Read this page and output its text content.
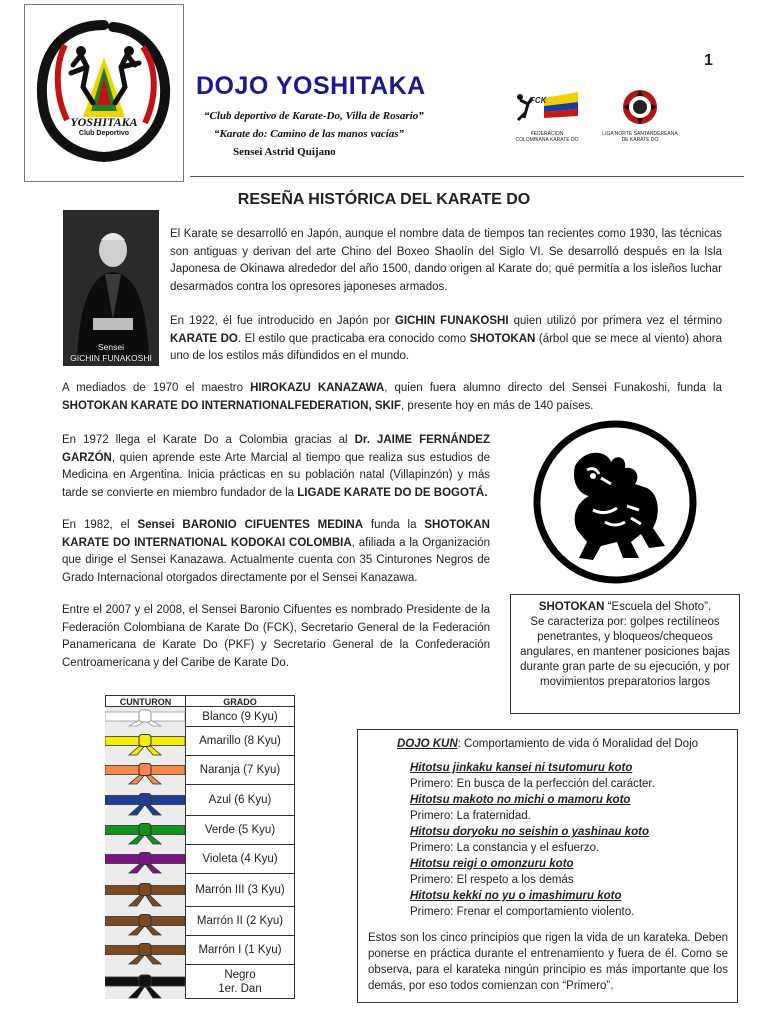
YOSHITAKA
Club Deportivo
DOJO YOSHITAKA
“Club deportivo de Karate-Do, Villa de Rosario”
“Karate do: Camino de las manos vacías”
Sensei Astrid Quijano
1
FCK
FEDERACION COLOMBIANA KARATE DO
LIGA NORTE SANTANDEREANA DE KARATE DO
RESEÑA HISTÓRICA DEL KARATE DO
Sensei
GICHIN FUNAKOSHI
El Karate se desarrolló en Japón, aunque el nombre data de tiempos tan recientes como 1930, las técnicas son antiguas y derivan del arte Chino del Boxeo Shaolín del Siglo VI. Se desarrolló después en la Isla Japonesa de Okinawa alrededor del año 1500, dando origen al Karate do; qué permitía a los isleños luchar desarmados contra los opresores japoneses armados.
En 1922, él fue introducido en Japón por GICHIN FUNAKOSHI quien utilizó por primera vez el término KARATE DO. El estilo que practicaba era conocido como SHOTOKAN (árbol que se mece al viento) ahora uno de los estilos más difundidos en el mundo.
A mediados de 1970 el maestro HIROKAZU KANAZAWA, quien fuera alumno directo del Sensei Funakoshi, funda la SHOTOKAN KARATE DO INTERNATIONALFEDERATION, SKIF, presente hoy en más de 140 países.
En 1972 llega el Karate Do a Colombia gracias al Dr. JAIME FERNÁNDEZ GARZÓN, quien aprende este Arte Marcial al tiempo que realiza sus estudios de Medicina en Argentina. Inicia prácticas en su población natal (Villapinzón) y más tarde se convierte en miembro fundador de la LIGADE KARATE DO DE BOGOTÁ.
En 1982, el Sensei BARONIO CIFUENTES MEDINA funda la SHOTOKAN KARATE DO INTERNATIONAL KODOKAI COLOMBIA, afiliada a la Organización que dirige el Sensei Kanazawa. Actualmente cuenta con 35 Cinturones Negros de Grado Internacional otorgados directamente por el Sensei Kanazawa.
Entre el 2007 y el 2008, el Sensei Baronio Cifuentes es nombrado Presidente de la Federación Colombiana de Karate Do (FCK), Secretario General de la Federación Panamericana de Karate Do (PKF) y Secretario General de la Confederación Centroamericana y del Caribe de Karate Do.
SHOTOKAN “Escuela del Shoto”.
Se caracteriza por: golpes rectilíneos penetrantes, y bloqueos/chequeos angulares, en mantener posiciones bajas durante gran parte de su ejecución, y por movimientos preparatorios largos
CUNTURON	GRADO
Blanco (9 Kyu)
Amarillo (8 Kyu)
Naranja (7 Kyu)
Azul (6 Kyu)
Verde (5 Kyu)
Violeta (4 Kyu)
Marrón III (3 Kyu)
Marrón II (2 Kyu)
Marrón I (1 Kyu)
Negro
1er. Dan
DOJO KUN: Comportamiento de vida ó Moralidad del Dojo
Hitotsu jinkaku kansei ni tsutomuru koto
Primero: En busca de la perfección del carácter.
Hitotsu makoto no michi o mamoru koto
Primero: La fraternidad.
Hitotsu doryoku no seishin o yashinau koto
Primero: La constancia y el esfuerzo.
Hitotsu reigi o omonzuru koto
Primero: El respeto a los demás
Hitotsu kekki no yu o imashimuru koto
Primero: Frenar el comportamiento violento.
Estos son los cinco principios que rigen la vida de un karateka. Deben ponerse en práctica durante el entrenamiento y fuera de él. Como se observa, para el karateka ningún principio es más importante que los demás, por eso todos comienzan con “Primero”.
